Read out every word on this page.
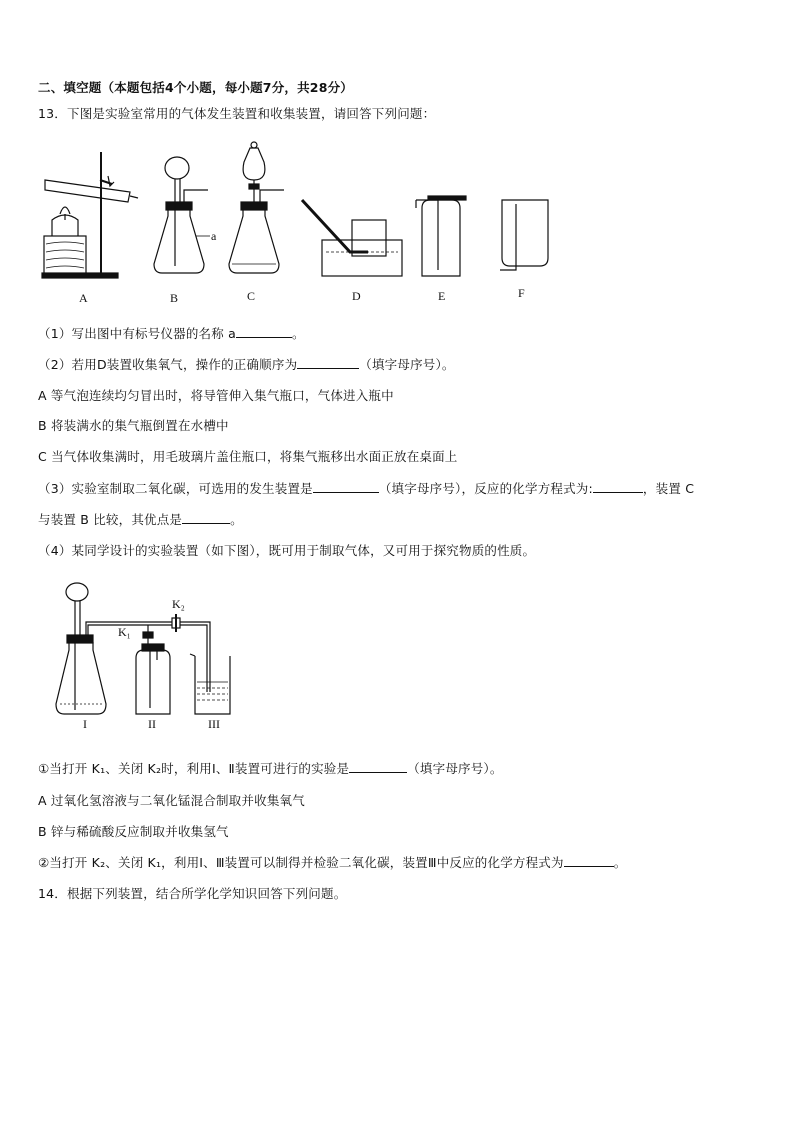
二、填空题（本题包括4个小题，每小题7分，共28分）
13．下图是实验室常用的气体发生装置和收集装置，请回答下列问题：
A	B	C	D	E	F
a
（1）写出图中有标号仪器的名称 a	。
（2）若用D装置收集氧气，操作的正确顺序为	（填字母序号）。
A 等气泡连续均匀冒出时，将导管伸入集气瓶口，气体进入瓶中
B 将装满水的集气瓶倒置在水槽中
C 当气体收集满时，用毛玻璃片盖住瓶口，将集气瓶移出水面正放在桌面上
（3）实验室制取二氧化碳，可选用的发生装置是	（填字母序号），反应的化学方程式为:	，装置 C
与装置 B 比较，其优点是	。
（4）某同学设计的实验装置（如下图），既可用于制取气体，又可用于探究物质的性质。
K₂
K₁
I	II	III
①当打开 K₁、关闭 K₂时，利用Ⅰ、Ⅱ装置可进行的实验是	（填字母序号）。
A 过氧化氢溶液与二氧化锰混合制取并收集氧气
B 锌与稀硫酸反应制取并收集氢气
②当打开 K₂、关闭 K₁，利用Ⅰ、Ⅲ装置可以制得并检验二氧化碳，装置Ⅲ中反应的化学方程式为	。
14．根据下列装置，结合所学化学知识回答下列问题。
